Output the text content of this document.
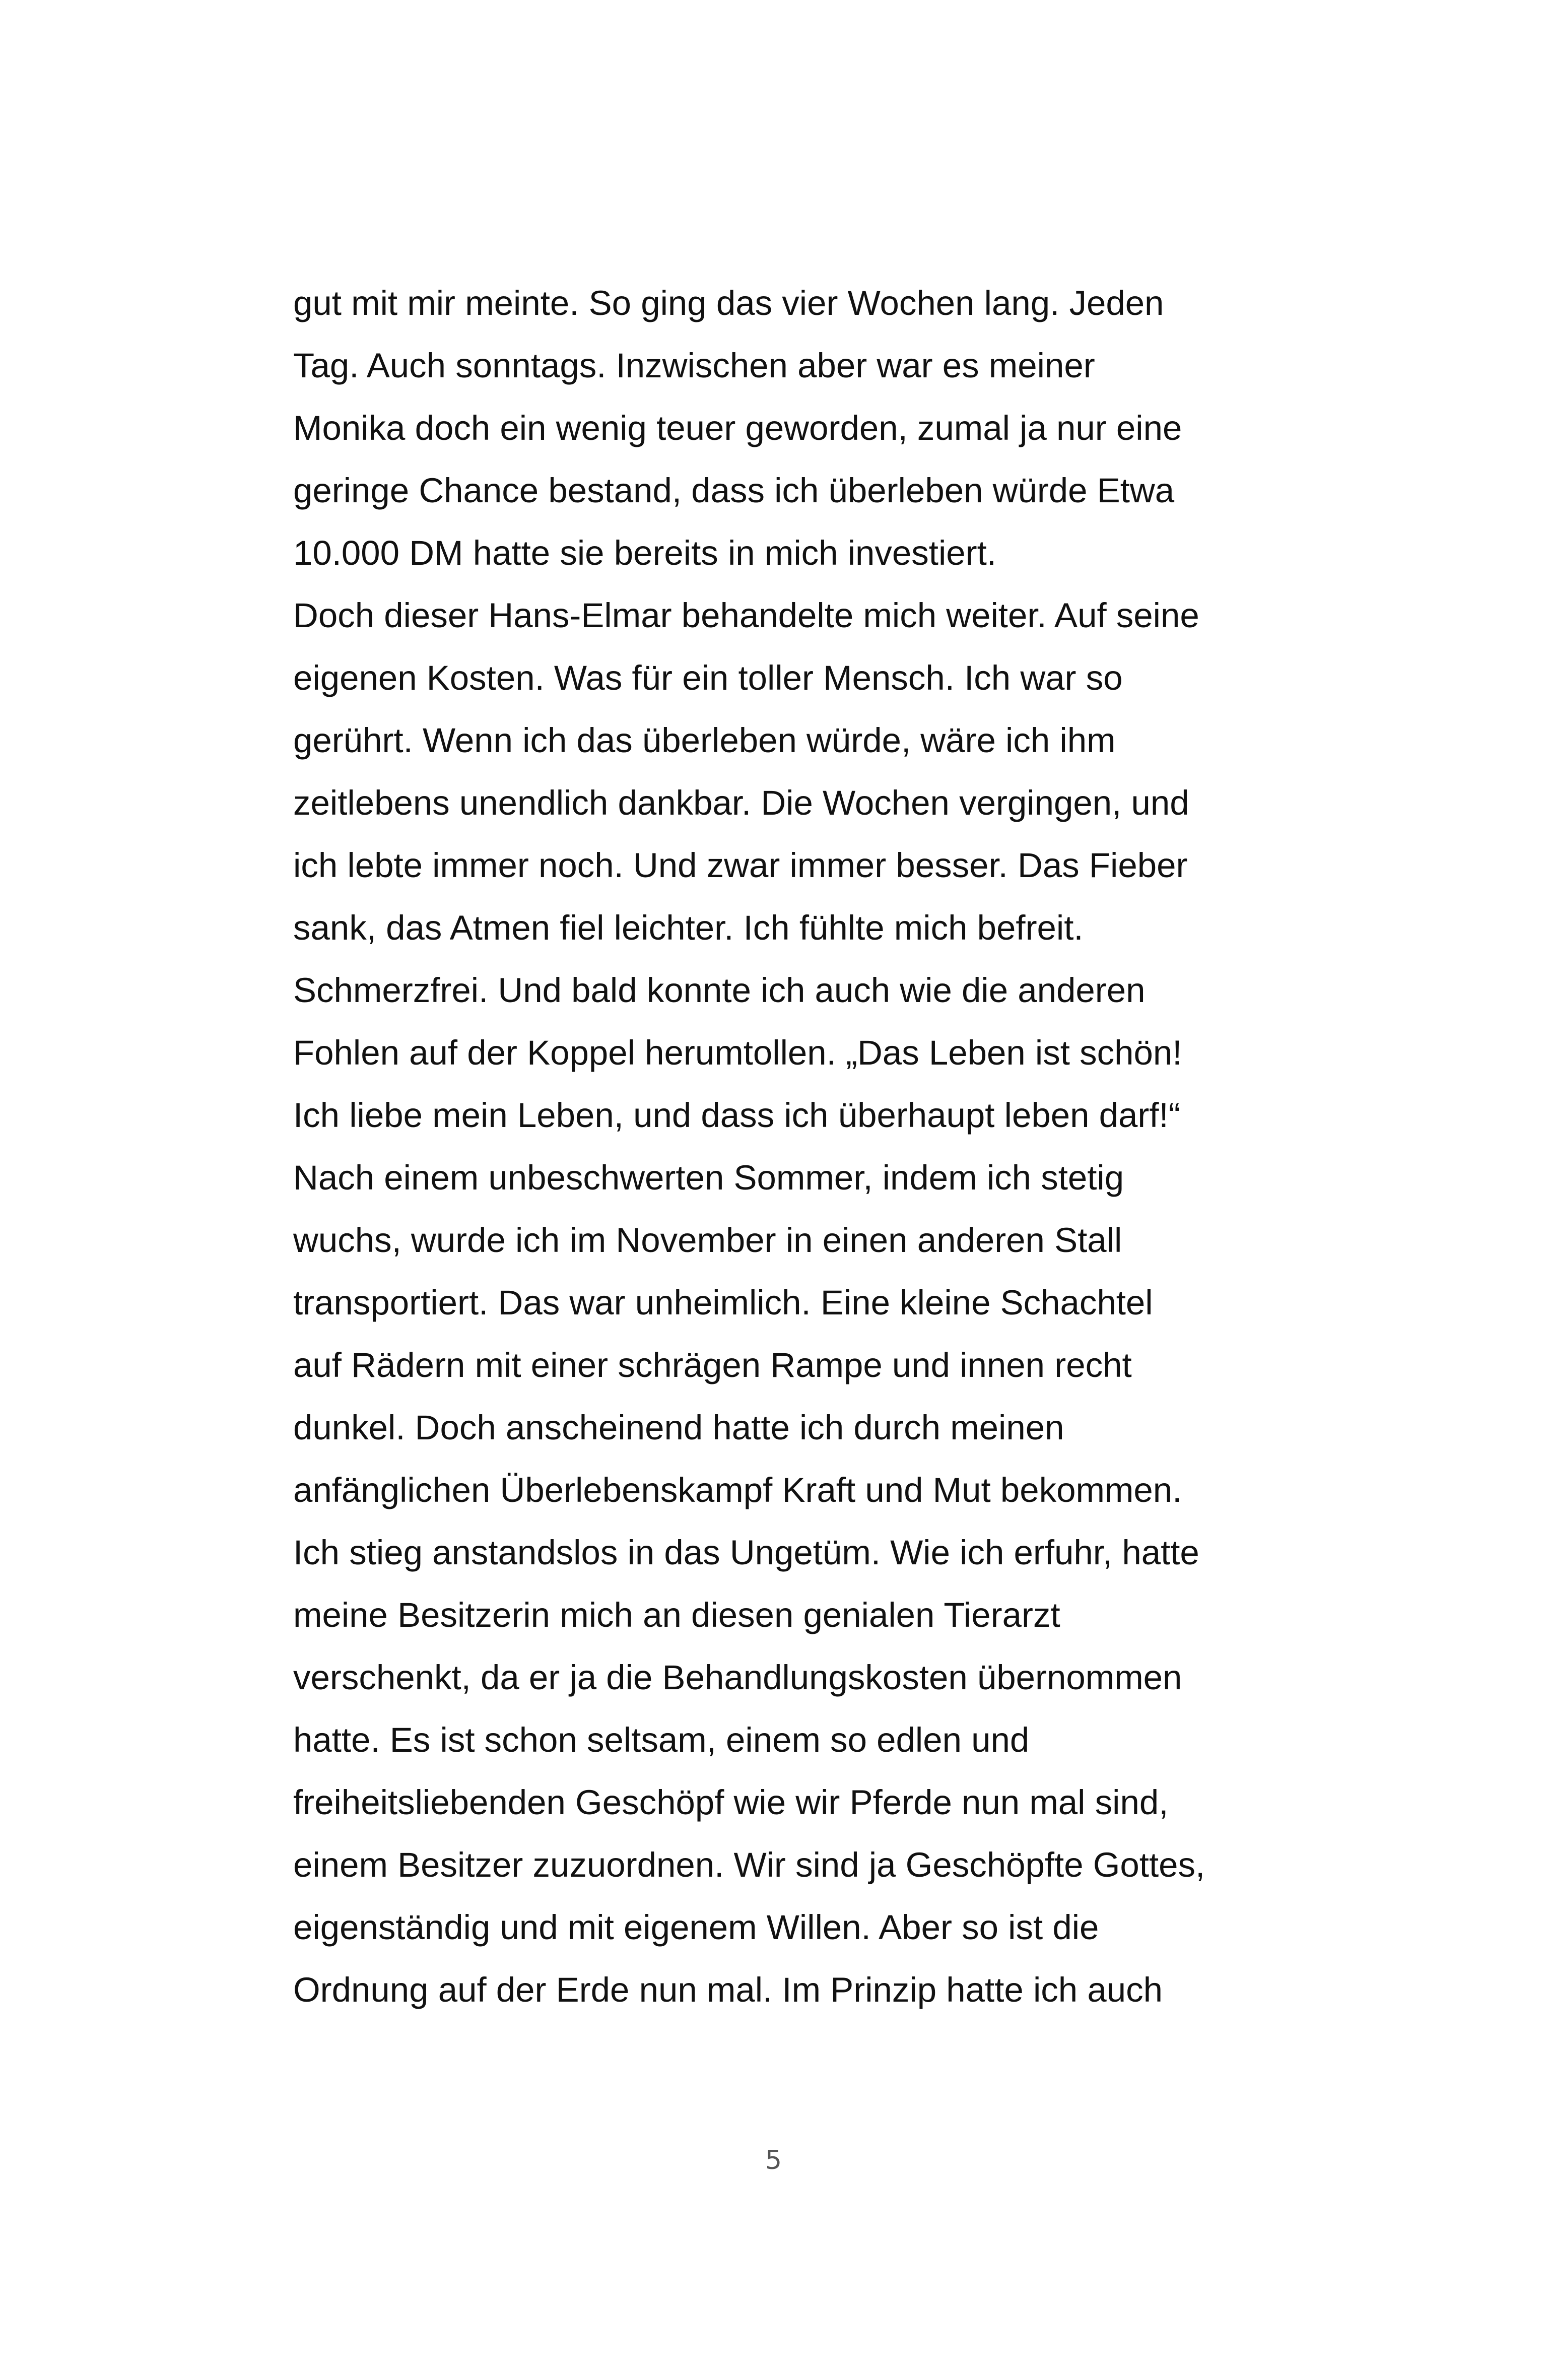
gut mit mir meinte. So ging das vier Wochen lang. Jeden
Tag. Auch sonntags. Inzwischen aber war es meiner
Monika doch ein wenig teuer geworden, zumal ja nur eine
geringe Chance bestand, dass ich überleben würde Etwa
10.000 DM hatte sie bereits in mich investiert.
Doch dieser Hans-Elmar behandelte mich weiter. Auf seine
eigenen Kosten. Was für ein toller Mensch. Ich war so
gerührt. Wenn ich das überleben würde, wäre ich ihm
zeitlebens unendlich dankbar. Die Wochen vergingen, und
ich lebte immer noch. Und zwar immer besser. Das Fieber
sank, das Atmen fiel leichter. Ich fühlte mich befreit.
Schmerzfrei. Und bald konnte ich auch wie die anderen
Fohlen auf der Koppel herumtollen. „Das Leben ist schön!
Ich liebe mein Leben, und dass ich überhaupt leben darf!“
Nach einem unbeschwerten Sommer, indem ich stetig
wuchs, wurde ich im November in einen anderen Stall
transportiert. Das war unheimlich. Eine kleine Schachtel
auf Rädern mit einer schrägen Rampe und innen recht
dunkel. Doch anscheinend hatte ich durch meinen
anfänglichen Überlebenskampf Kraft und Mut bekommen.
Ich stieg anstandslos in das Ungetüm. Wie ich erfuhr, hatte
meine Besitzerin mich an diesen genialen Tierarzt
verschenkt, da er ja die Behandlungskosten übernommen
hatte. Es ist schon seltsam, einem so edlen und
freiheitsliebenden Geschöpf wie wir Pferde nun mal sind,
einem Besitzer zuzuordnen. Wir sind ja Geschöpfte Gottes,
eigenständig und mit eigenem Willen. Aber so ist die
Ordnung auf der Erde nun mal. Im Prinzip hatte ich auch
5
